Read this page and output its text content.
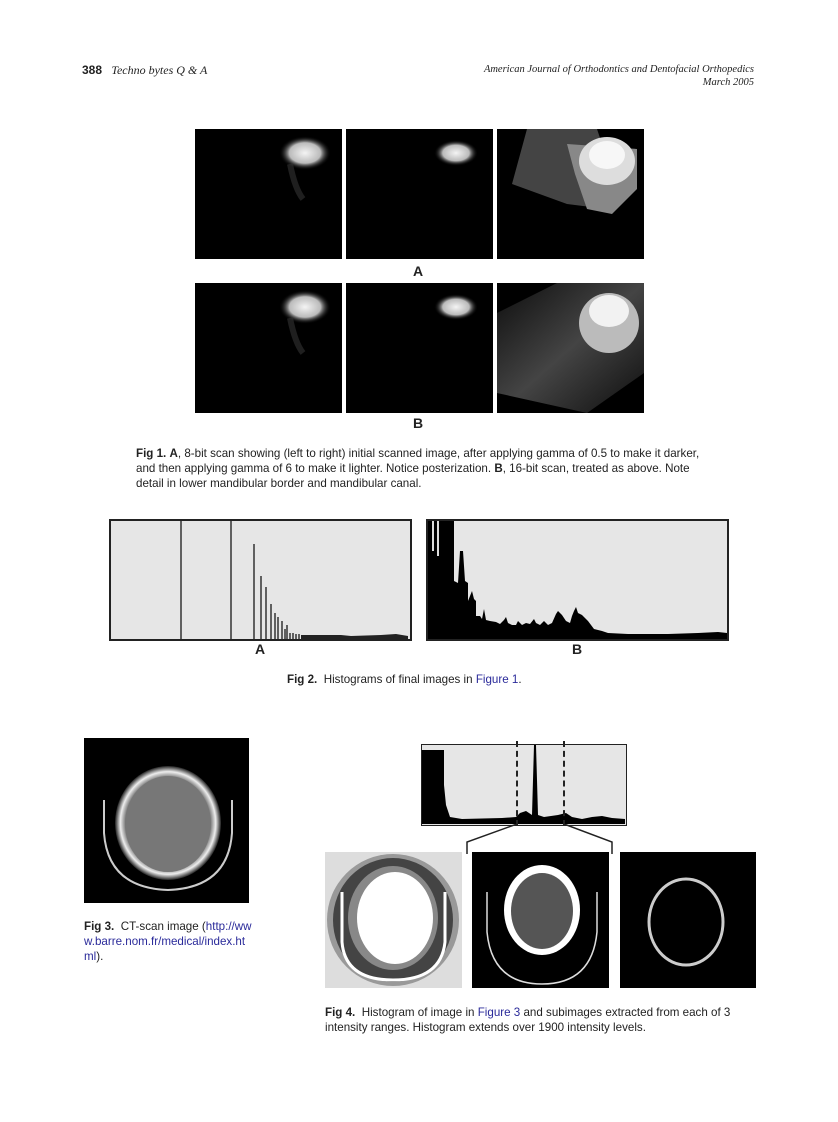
388 Techno bytes Q & A	American Journal of Orthodontics and Dentofacial Orthopedics
March 2005
A
B
Fig 1. A, 8-bit scan showing (left to right) initial scanned image, after applying gamma of 0.5 to make it darker, and then applying gamma of 6 to make it lighter. Notice posterization. B, 16-bit scan, treated as above. Note detail in lower mandibular border and mandibular canal.
A	B
Fig 2. Histograms of final images in Figure 1.
Fig 3. CT-scan image (http://www.barre.nom.fr/medical/index.html).
Fig 4. Histogram of image in Figure 3 and subimages extracted from each of 3 intensity ranges. Histogram extends over 1900 intensity levels.
